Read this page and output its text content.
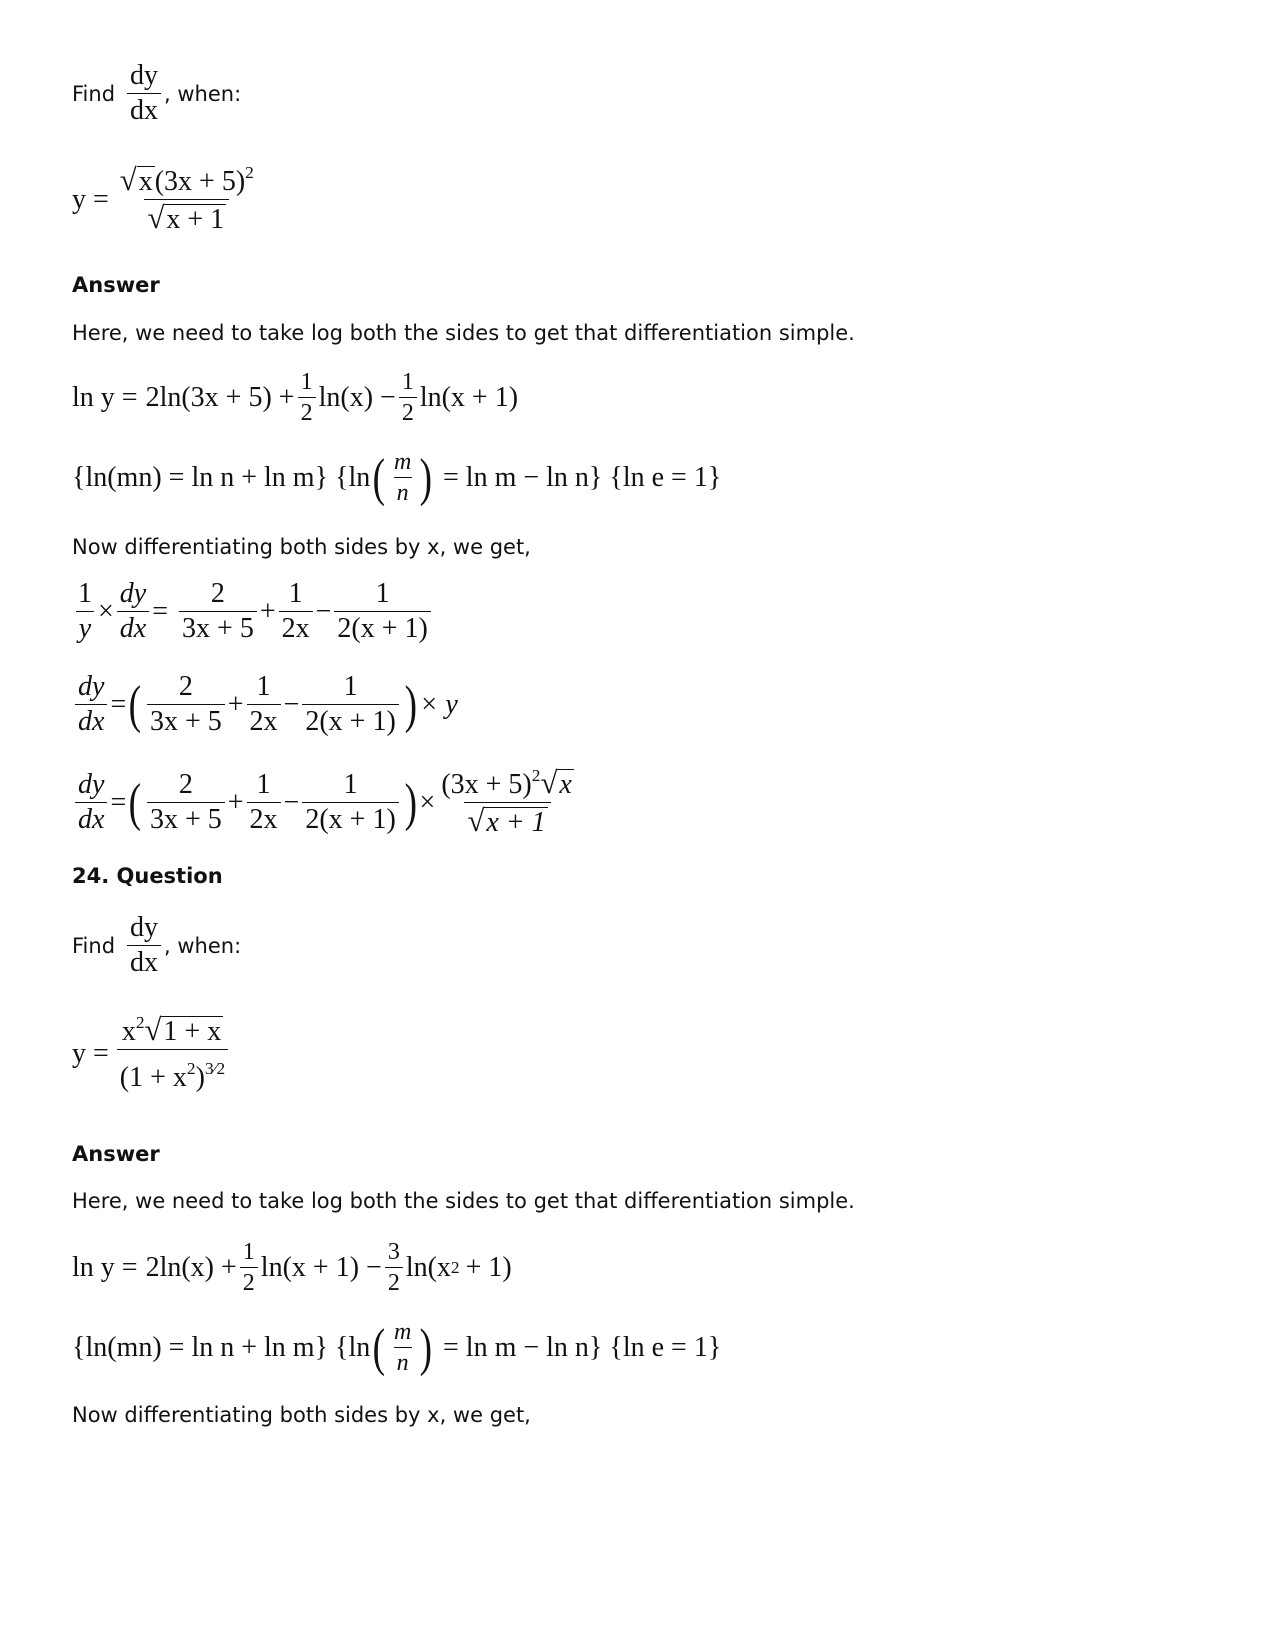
Find $\frac{dy}{dx}$ , when:
$y = \frac{√ x (3x + 5)^2}{√ x + 1}$
Answer
Here, we need to take log both the sides to get that differentiation simple.
$\ln y = 2\ln(3x + 5) + \frac{1}{2} \ln(x) - \frac{1}{2} \ln(x + 1)$
{ln(mn) = ln n + ln m} {ln ( $\frac{m}{n}$ ) = ln m − ln n} {ln e = 1}
Now differentiating both sides by x, we get,
$\frac{1}{y} \times \frac{dy}{dx} = \frac{2}{3x + 5} + \frac{1}{2x} - \frac{1}{2(x + 1)}$
$\frac{dy}{dx}$ = ( $\frac{2}{3x + 5} + \frac{1}{2x} - \frac{1}{2(x + 1)}$ ) × y
$\frac{dy}{dx}$ = ( $\frac{2}{3x + 5} + \frac{1}{2x} - \frac{1}{2(x + 1)}$ ) × $\frac{(3x + 5)^2 √ x}{√ x + 1}$
24. Question
Find $\frac{dy}{dx}$ , when:
$y = \frac{x^2 √ 1 + x}{(1 + x^2)^{3⁄2}}$
Answer
Here, we need to take log both the sides to get that differentiation simple.
$\ln y = 2\ln(x) + \frac{1}{2} \ln(x + 1) - \frac{3}{2} \ln(x$ 2 + 1)
{ln(mn) = ln n + ln m} {ln ( $\frac{m}{n}$ ) = ln m − ln n} {ln e = 1}
Now differentiating both sides by x, we get,
